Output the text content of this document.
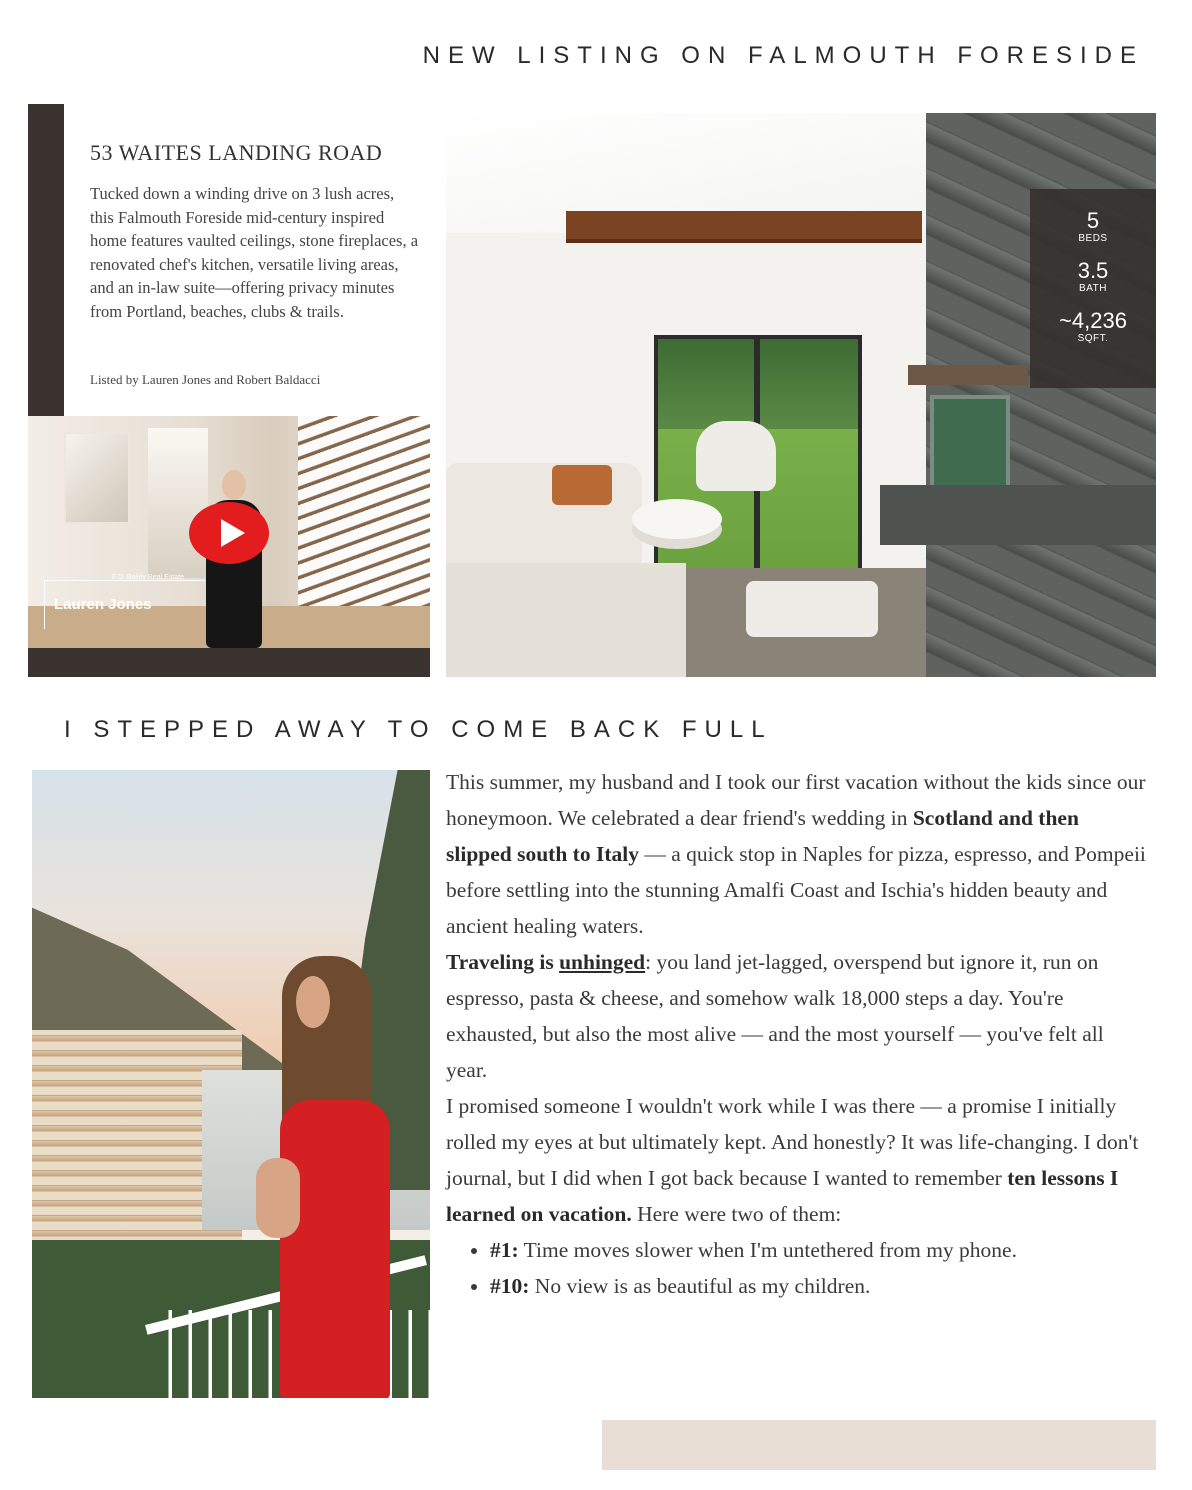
NEW LISTING ON FALMOUTH FORESIDE
53 WAITES LANDING ROAD
Tucked down a winding drive on 3 lush acres, this Falmouth Foreside mid-century inspired home features vaulted ceilings, stone fireplaces, a renovated chef's kitchen, versatile living areas, and an in-law suite—offering privacy minutes from Portland, beaches, clubs & trails.
Listed by Lauren Jones and Robert Baldacci
F.O. Bailey Real Estate
Lauren Jones
5
BEDS
3.5
BATH
~4,236
SQFT.
I STEPPED AWAY TO COME BACK FULL

This summer, my husband and I took our first vacation without the kids since our honeymoon. We celebrated a dear friend's wedding in Scotland and then slipped south to Italy — a quick stop in Naples for pizza, espresso, and Pompeii before settling into the stunning Amalfi Coast and Ischia's hidden beauty and ancient healing waters.

Traveling is unhinged: you land jet-lagged, overspend but ignore it, run on espresso, pasta & cheese, and somehow walk 18,000 steps a day. You're exhausted, but also the most alive — and the most yourself — you've felt all year.

I promised someone I wouldn't work while I was there — a promise I initially rolled my eyes at but ultimately kept. And honestly? It was life-changing. I don't journal, but I did when I got back because I wanted to remember ten lessons I learned on vacation. Here were two of them:

• #1: Time moves slower when I'm untethered from my phone.
• #10: No view is as beautiful as my children.
